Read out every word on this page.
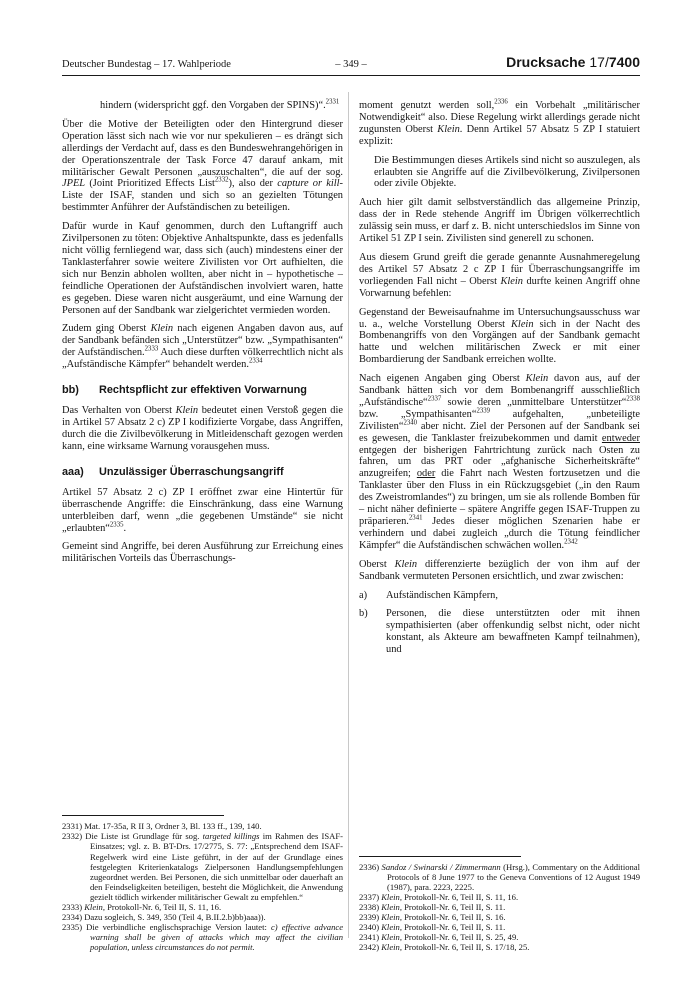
Deutscher Bundestag – 17. Wahlperiode	– 349 –	Drucksache 17/7400

hindern (widerspricht ggf. den Vorgaben der SPINS)“.$^{2331}$

Über die Motive der Beteiligten oder den Hintergrund dieser Operation lässt sich nach wie vor nur spekulieren – es drängt sich allerdings der Verdacht auf, dass es den Bundeswehrangehörigen in der Operationszentrale der Task Force 47 darauf ankam, mit militärischer Gewalt Personen „auszuschalten“, die auf der sog. JPEL (Joint Prioritized Effects List$^{2332}$), also der capture or kill-Liste der ISAF, standen und sich so an gezielten Tötungen bestimmter Anführer der Aufständischen zu beteiligen.

Dafür wurde in Kauf genommen, durch den Luftangriff auch Zivilpersonen zu töten: Objektive Anhaltspunkte, dass es jedenfalls nicht völlig fernliegend war, dass sich (auch) mindestens einer der Tanklasterfahrer sowie weitere Zivilisten vor Ort aufhielten, die sich nur Benzin abholen wollten, aber nicht in – hypothetische – feindliche Operationen der Aufständischen involviert waren, hatte es gegeben. Diese waren nicht ausgeräumt, und eine Warnung der Personen auf der Sandbank war zielgerichtet vermieden worden.

Zudem ging Oberst Klein nach eigenen Angaben davon aus, auf der Sandbank befänden sich „Unterstützer“ bzw. „Sympathisanten“ der Aufständischen.$^{2333}$ Auch diese durften völkerrechtlich nicht als „Aufständische Kämpfer“ behandelt werden.$^{2334}$

bb)	Rechtspflicht zur effektiven Vorwarnung

Das Verhalten von Oberst Klein bedeutet einen Verstoß gegen die in Artikel 57 Absatz 2 c) ZP I kodifizierte Vorgabe, dass Angriffen, durch die die Zivilbevölkerung in Mitleidenschaft gezogen werden kann, eine wirksame Warnung vorausgehen muss.

aaa)	Unzulässiger Überraschungsangriff

Artikel 57 Absatz 2 c) ZP I eröffnet zwar eine Hintertür für überraschende Angriffe: die Einschränkung, dass eine Warnung unterbleiben darf, wenn „die gegebenen Umstände“ sie nicht „erlaubten“$^{2335}$.

Gemeint sind Angriffe, bei deren Ausführung zur Erreichung eines militärischen Vorteils das Überraschungs-

2331) Mat. 17-35a, R II 3, Ordner 3, Bl. 133 ff., 139, 140.
2332) Die Liste ist Grundlage für sog. targeted killings im Rahmen des ISAF-Einsatzes; vgl. z. B. BT-Drs. 17/2775, S. 77: „Entsprechend dem ISAF-Regelwerk wird eine Liste geführt, in der auf der Grundlage eines festgelegten Kriterienkatalogs Zielpersonen Handlungsempfehlungen zugeordnet werden. Bei Personen, die sich unmittelbar oder dauerhaft an den Feindseligkeiten beteiligen, besteht die Möglichkeit, die Anwendung gezielt tödlich wirkender militärischer Gewalt zu empfehlen.“
2333) Klein, Protokoll-Nr. 6, Teil II, S. 11, 16.
2334) Dazu sogleich, S. 349, 350 (Teil 4, B.II.2.b)bb)aaa)).
2335) Die verbindliche englischsprachige Version lautet: c) effective advance warning shall be given of attacks which may affect the civilian population, unless circumstances do not permit.

moment genutzt werden soll,$^{2336}$ ein Vorbehalt „militärischer Notwendigkeit“ also. Diese Regelung wirkt allerdings gerade nicht zugunsten Oberst Klein. Denn Artikel 57 Absatz 5 ZP I statuiert explizit:

Die Bestimmungen dieses Artikels sind nicht so auszulegen, als erlaubten sie Angriffe auf die Zivilbevölkerung, Zivilpersonen oder zivile Objekte.

Auch hier gilt damit selbstverständlich das allgemeine Prinzip, dass der in Rede stehende Angriff im Übrigen völkerrechtlich zulässig sein muss, er darf z. B. nicht unterschiedslos im Sinne von Artikel 51 ZP I sein. Zivilisten sind generell zu schonen.

Aus diesem Grund greift die gerade genannte Ausnahmeregelung des Artikel 57 Absatz 2 c ZP I für Überraschungsangriffe im vorliegenden Fall nicht – Oberst Klein durfte keinen Angriff ohne Vorwarnung befehlen:

Gegenstand der Beweisaufnahme im Untersuchungsausschuss war u. a., welche Vorstellung Oberst Klein sich in der Nacht des Bombenangriffs von den Vorgängen auf der Sandbank gemacht hatte und welchen militärischen Zweck er mit einer Bombardierung der Sandbank erreichen wollte.

Nach eigenen Angaben ging Oberst Klein davon aus, auf der Sandbank hätten sich vor dem Bombenangriff ausschließlich „Aufständische“$^{2337}$ sowie deren „unmittelbare Unterstützer“$^{2338}$ bzw. „Sympathisanten“$^{2339}$ aufgehalten, „unbeteiligte Zivilisten“$^{2340}$ aber nicht. Ziel der Personen auf der Sandbank sei es gewesen, die Tanklaster freizubekommen und damit entweder entgegen der bisherigen Fahrtrichtung zurück nach Osten zu fahren, um das PRT oder „afghanische Sicherheitskräfte“ anzugreifen; oder die Fahrt nach Westen fortzusetzen und die Tanklaster über den Fluss in ein Rückzugsgebiet („in den Raum des Zweistromlandes“) zu bringen, um sie als rollende Bomben für – nicht näher definierte – spätere Angriffe gegen ISAF-Truppen zu präparieren.$^{2341}$ Jedes dieser möglichen Szenarien habe er verhindern und dabei zugleich „durch die Tötung feindlicher Kämpfer“ die Aufständischen schwächen wollen.$^{2342}$

Oberst Klein differenzierte bezüglich der von ihm auf der Sandbank vermuteten Personen ersichtlich, und zwar zwischen:

a)	Aufständischen Kämpfern,
b)	Personen, die diese unterstützten oder mit ihnen sympathisierten (aber offenkundig selbst nicht, oder nicht konstant, als Akteure am bewaffneten Kampf teilnahmen), und
2336) Sandoz / Swinarski / Zimmermann (Hrsg.), Commentary on the Additional Protocols of 8 June 1977 to the Geneva Conventions of 12 August 1949 (1987), para. 2223, 2225.
2337) Klein, Protokoll-Nr. 6, Teil II, S. 11, 16.
2338) Klein, Protokoll-Nr. 6, Teil II, S. 11.
2339) Klein, Protokoll-Nr. 6, Teil II, S. 16.
2340) Klein, Protokoll-Nr. 6, Teil II, S. 11.
2341) Klein, Protokoll-Nr. 6, Teil II, S. 25, 49.
2342) Klein, Protokoll-Nr. 6, Teil II, S. 17/18, 25.
